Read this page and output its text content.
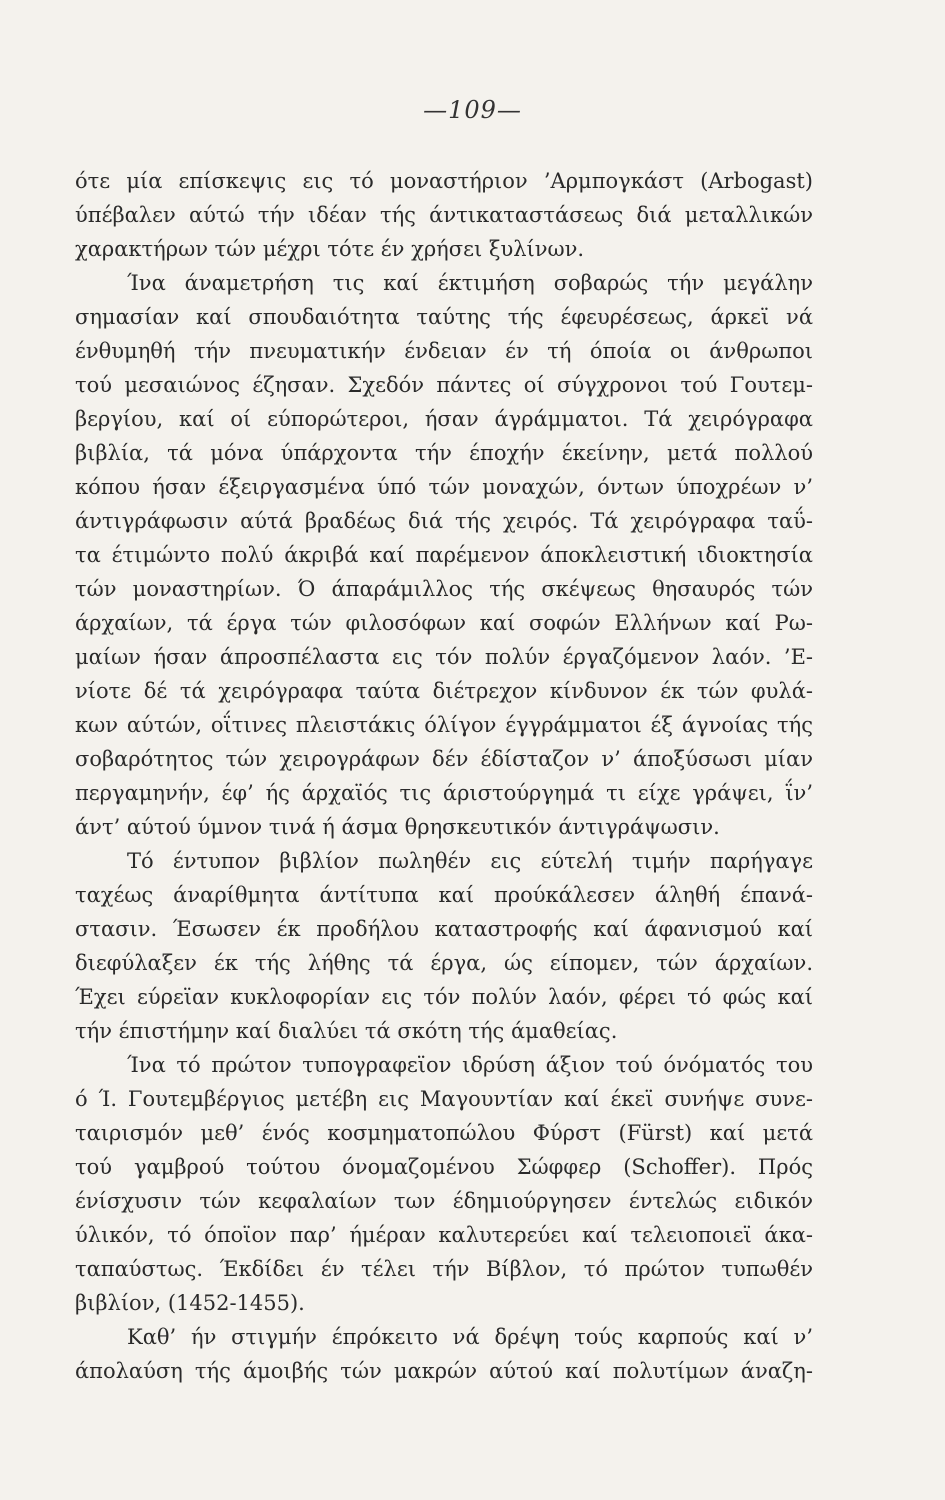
—109—
ότε μία επίσκεψις εις τό μοναστήριον ’Αρμπογκάστ (Arbogast)
ύπέβαλεν αύτώ τήν ιδέαν τής άντικαταστάσεως διά μεταλλικών
χαρακτήρων τών μέχρι τότε έν χρήσει ξυλίνων.
Ίνα άναμετρήση τις καί έκτιμήση σοβαρώς τήν μεγάλην
σημασίαν καί σπουδαιότητα ταύτης τής έφευρέσεως, άρκεϊ νά
ένθυμηθή τήν πνευματικήν ένδειαν έν τή όποία οι άνθρωποι
τού μεσαιώνος έζησαν. Σχεδόν πάντες οί σύγχρονοι τού Γουτεμ-
βεργίου, καί οί εύπορώτεροι, ήσαν άγράμματοι. Τά χειρόγραφα
βιβλία, τά μόνα ύπάρχοντα τήν έποχήν έκείνην, μετά πολλού
κόπου ήσαν έξειργασμένα ύπό τών μοναχών, όντων ύποχρέων ν’
άντιγράφωσιν αύτά βραδέως διά τής χειρός. Τά χειρόγραφα ταΰ-
τα έτιμώντο πολύ άκριβά καί παρέμενον άποκλειστική ιδιοκτησία
τών μοναστηρίων. Ό άπαράμιλλος τής σκέψεως θησαυρός τών
άρχαίων, τά έργα τών φιλοσόφων καί σοφών Ελλήνων καί Ρω-
μαίων ήσαν άπροσπέλαστα εις τόν πολύν έργαζόμενον λαόν. ’Ε-
νίοτε δέ τά χειρόγραφα ταύτα διέτρεχον κίνδυνον έκ τών φυλά-
κων αύτών, οΐτινες πλειστάκις όλίγον έγγράμματοι έξ άγνοίας τής
σοβαρότητος τών χειρογράφων δέν έδίσταζον ν’ άποξύσωσι μίαν
περγαμηνήν, έφ’ ής άρχαϊός τις άριστούργημά τι είχε γράψει, ΐν’
άντ’ αύτού ύμνον τινά ή άσμα θρησκευτικόν άντιγράψωσιν.
Τό έντυπον βιβλίον πωληθέν εις εύτελή τιμήν παρήγαγε
ταχέως άναρίθμητα άντίτυπα καί προύκάλεσεν άληθή έπανά-
στασιν. Έσωσεν έκ προδήλου καταστροφής καί άφανισμού καί
διεφύλαξεν έκ τής λήθης τά έργα, ώς είπομεν, τών άρχαίων.
Έχει εύρεϊαν κυκλοφορίαν εις τόν πολύν λαόν, φέρει τό φώς καί
τήν έπιστήμην καί διαλύει τά σκότη τής άμαθείας.
Ίνα τό πρώτον τυπογραφεϊον ιδρύση άξιον τού όνόματός του
ό Ί. Γουτεμβέργιος μετέβη εις Μαγουντίαν καί έκεϊ συνήψε συνε-
ταιρισμόν μεθ’ ένός κοσμηματοπώλου Φύρστ (Fürst) καί μετά
τού γαμβρού τούτου όνομαζομένου Σώφφερ (Schoffer). Πρός
ένίσχυσιν τών κεφαλαίων των έδημιούργησεν έντελώς ειδικόν
ύλικόν, τό όποϊον παρ’ ήμέραν καλυτερεύει καί τελειοποιεϊ άκα-
ταπαύστως. Έκδίδει έν τέλει τήν Βίβλον, τό πρώτον τυπωθέν
βιβλίον, (1452-1455).
Καθ’ ήν στιγμήν έπρόκειτο νά δρέψη τούς καρπούς καί ν’
άπολαύση τής άμοιβής τών μακρών αύτού καί πολυτίμων άναζη-
